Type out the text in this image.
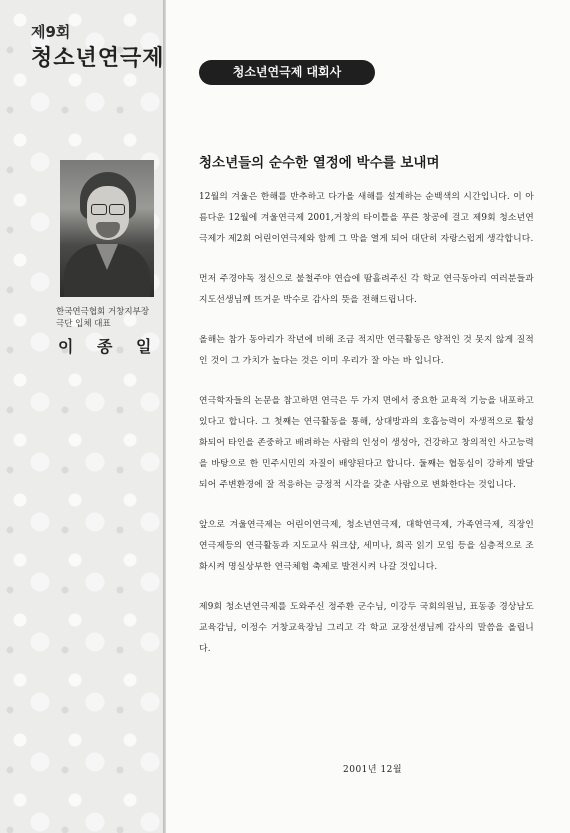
제9회
청소년연극제
한국연극협회 거창지부장
극단 입체 대표
이 종 일
청소년연극제 대회사
청소년들의 순수한 열정에 박수를 보내며

12월의 겨울은 한해를 반추하고 다가올 새해를 설계하는 순백색의 시간입니다. 이 아름다운 12월에 겨울연극제 2001,거창의 타이틀을 푸른 창공에 걸고 제9회 청소년연극제가 제2회 어린이연극제와 함께 그 막을 열게 되어 대단히 자랑스럽게 생각합니다.

먼저 주경야독 정신으로 불철주야 연습에 땀흘려주신 각 학교 연극동아리 여러분들과 지도선생님께 뜨거운 박수로 감사의 뜻을 전해드립니다.

올해는 참가 동아리가 작년에 비해 조금 적지만 연극활동은 양적인 것 못지 않게 질적인 것이 그 가치가 높다는 것은 이미 우리가 잘 아는 바 입니다.

연극학자들의 논문을 참고하면 연극은 두 가지 면에서 중요한 교육적 기능을 내포하고 있다고 합니다. 그 첫째는 연극활동을 통해, 상대방과의 호흡능력이 자생적으로 활성화되어 타인을 존중하고 배려하는 사람의 인성이 생성아, 건강하고 창의적인 사고능력을 바탕으로 한 민주시민의 자질이 배양된다고 합니다. 둘째는 협동심이 강하게 발달되어 주변환경에 잘 적응하는 긍정적 시각을 갖춘 사람으로 변화한다는 것입니다.

앞으로 겨울연극제는 어린이연극제, 청소년연극제, 대학연극제, 가족연극제, 직장인 연극제등의 연극활동과 지도교사 워크샵, 세미나, 희곡 읽기 모임 등을 심층적으로 조화시켜 명실상부한 연극체험 축제로 발전시켜 나갈 것입니다.

제9회 청소년연극제를 도와주신 정주환 군수님, 이강두 국회의원님, 표동종 경상남도교육감님, 이정수 거창교육장님 그리고 각 학교 교장선생님께 감사의 말씀을 올립니다.

2001년 12월
